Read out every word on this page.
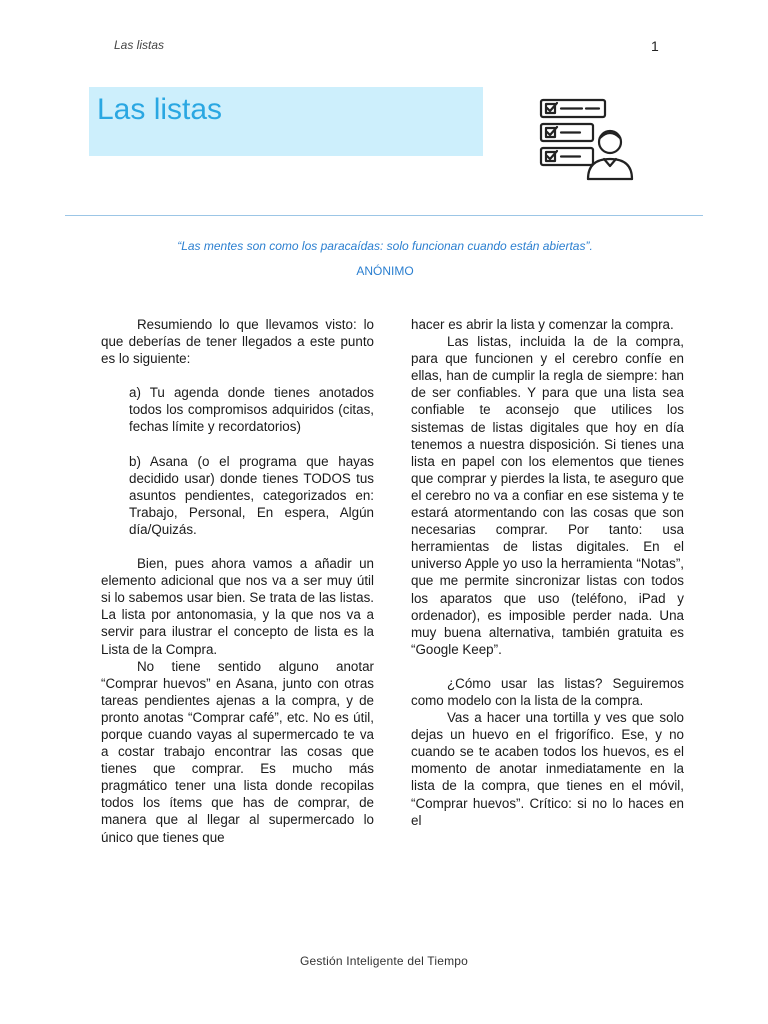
Las listas	1
Las listas
“Las mentes son como los paracaídas: solo funcionan cuando están abiertas”.
ANÓNIMO

Resumiendo lo que llevamos visto: lo que deberías de tener llegados a este punto es lo siguiente:

a) Tu agenda donde tienes anotados todos los compromisos adquiridos (citas, fechas límite y recordatorios)

b) Asana (o el programa que hayas decidido usar) donde tienes TODOS tus asuntos pendientes, categorizados en: Trabajo, Personal, En espera, Algún día/Quizás.

Bien, pues ahora vamos a añadir un elemento adicional que nos va a ser muy útil si lo sabemos usar bien. Se trata de las listas. La lista por antonomasia, y la que nos va a servir para ilustrar el concepto de lista es la Lista de la Compra.

No tiene sentido alguno anotar “Comprar huevos” en Asana, junto con otras tareas pendientes ajenas a la compra, y de pronto anotas “Comprar café”, etc. No es útil, porque cuando vayas al supermercado te va a costar trabajo encontrar las cosas que tienes que comprar. Es mucho más pragmático tener una lista donde recopilas todos los ítems que has de comprar, de manera que al llegar al supermercado lo único que tienes que

hacer es abrir la lista y comenzar la compra.

Las listas, incluida la de la compra, para que funcionen y el cerebro confíe en ellas, han de cumplir la regla de siempre: han de ser confiables. Y para que una lista sea confiable te aconsejo que utilices los sistemas de listas digitales que hoy en día tenemos a nuestra disposición. Si tienes una lista en papel con los elementos que tienes que comprar y pierdes la lista, te aseguro que el cerebro no va a confiar en ese sistema y te estará atormentando con las cosas que son necesarias comprar. Por tanto: usa herramientas de listas digitales. En el universo Apple yo uso la herramienta “Notas”, que me permite sincronizar listas con todos los aparatos que uso (teléfono, iPad y ordenador), es imposible perder nada. Una muy buena alternativa, también gratuita es “Google Keep”.

¿Cómo usar las listas? Seguiremos como modelo con la lista de la compra.

Vas a hacer una tortilla y ves que solo dejas un huevo en el frigorífico. Ese, y no cuando se te acaben todos los huevos, es el momento de anotar inmediatamente en la lista de la compra, que tienes en el móvil, “Comprar huevos”. Crítico: si no lo haces en el

Gestión Inteligente del Tiempo
